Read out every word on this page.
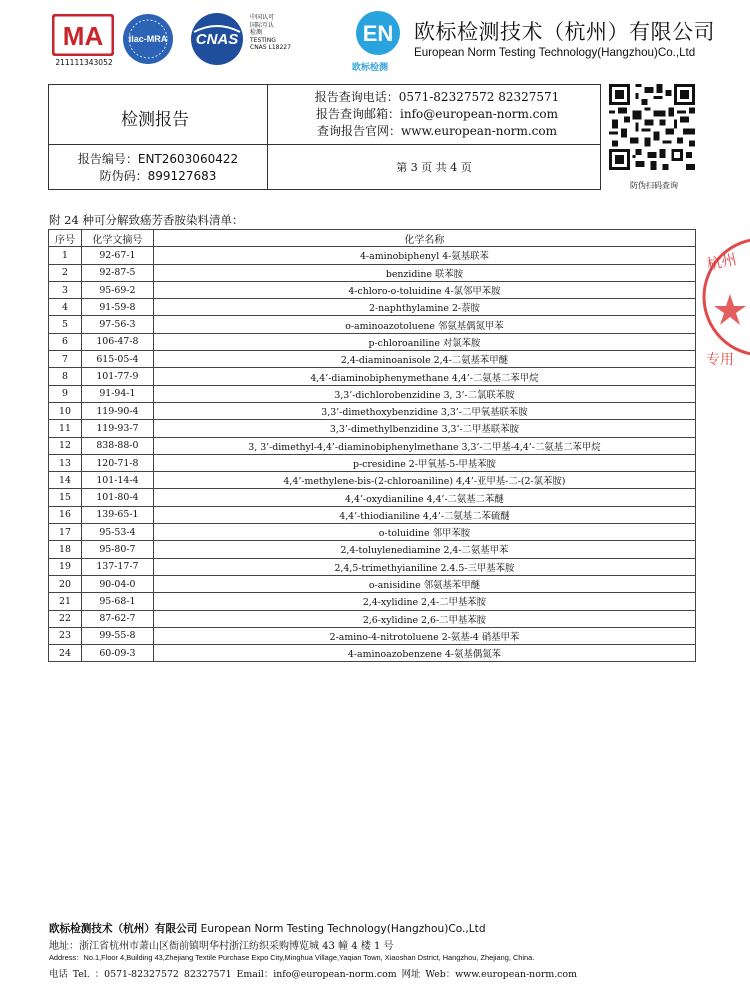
MA
211111343052
ilac-MRA CNAS
中国认可
国际互认
检测
TESTING
CNAS L18227
EN
欧标检测
欧标检测技术（杭州）有限公司
European Norm Testing Technology(Hangzhou)Co.,Ltd
检测报告
报告查询电话：0571-82327572 82327571
报告查询邮箱：info@european-norm.com
查询报告官网：www.european-norm.com
报告编号：ENT2603060422
防伪码：899127683
第 3 页 共 4 页
防伪扫码查询
杭州
专用
附 24 种可分解致癌芳香胺染料清单：
序号	化学文摘号	化学名称
1	92-67-1	4-aminobiphenyl 4-氨基联苯
2	92-87-5	benzidine 联苯胺
3	95-69-2	4-chloro-o-toluidine 4-氯邻甲苯胺
4	91-59-8	2-naphthylamine 2-萘胺
5	97-56-3	o-aminoazotoluene 邻氨基偶氮甲苯
6	106-47-8	p-chloroaniline 对氯苯胺
7	615-05-4	2,4-diaminoanisole 2,4-二氨基苯甲醚
8	101-77-9	4,4’-diaminobiphenymethane 4,4’-二氨基二苯甲烷
9	91-94-1	3,3’-dichlorobenzidine 3, 3’-二氯联苯胺
10	119-90-4	3,3’-dimethoxybenzidine 3,3’-二甲氧基联苯胺
11	119-93-7	3,3’-dimethylbenzidine 3,3’-二甲基联苯胺
12	838-88-0	3, 3’-dimethyl-4,4’-diaminobiphenylmethane 3,3’-二甲基-4,4’-二氨基二苯甲烷
13	120-71-8	p-cresidine 2-甲氧基-5-甲基苯胺
14	101-14-4	4,4’-methylene-bis-(2-chloroaniline) 4,4’-亚甲基-二-(2-氯苯胺)
15	101-80-4	4,4’-oxydianiline 4,4’-二氨基二苯醚
16	139-65-1	4,4’-thiodianiline 4,4’-二氨基二苯硫醚
17	95-53-4	o-toluidine 邻甲苯胺
18	95-80-7	2,4-toluylenediamine 2,4-二氨基甲苯
19	137-17-7	2,4,5-trimethyianiline 2.4.5-三甲基苯胺
20	90-04-0	o-anisidine 邻氨基苯甲醚
21	95-68-1	2,4-xylidine 2,4-二甲基苯胺
22	87-62-7	2,6-xylidine 2,6-二甲基苯胺
23	99-55-8	2-amino-4-nitrotoluene 2-氨基-4 硝基甲苯
24	60-09-3	4-aminoazobenzene 4-氨基偶氮苯
欧标检测技术（杭州）有限公司 European Norm Testing Technology(Hangzhou)Co.,Ltd
地址：浙江省杭州市萧山区衙前镇明华村浙江纺织采购博览城 43 幢 4 楼 1 号
Address：No.1,Floor 4,Building 43,Zhejiang Textile Purchase Expo City,Minghua Village,Yaqian Town, Xiaoshan Dstrict, Hangzhou, Zhejiang, China.
电话 Tel. ：0571-82327572 82327571 Email：info@european-norm.com 网址 Web：www.european-norm.com
